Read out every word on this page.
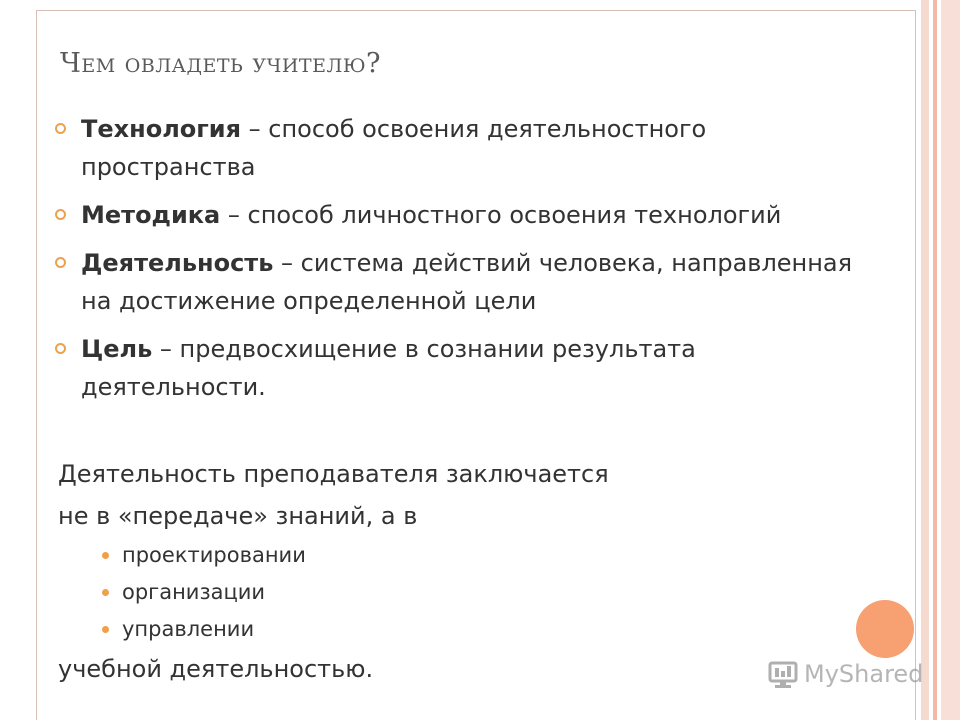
Чем овладеть учителю?
Технология – способ освоения деятельностного пространства
Методика – способ личностного освоения технологий
Деятельность – система действий человека, направленная на достижение определенной цели
Цель – предвосхищение в сознании результата деятельности.
Деятельность преподавателя заключается
не в «передаче» знаний, а в
проектировании
организации
управлении
учебной деятельностью.	MyShared
